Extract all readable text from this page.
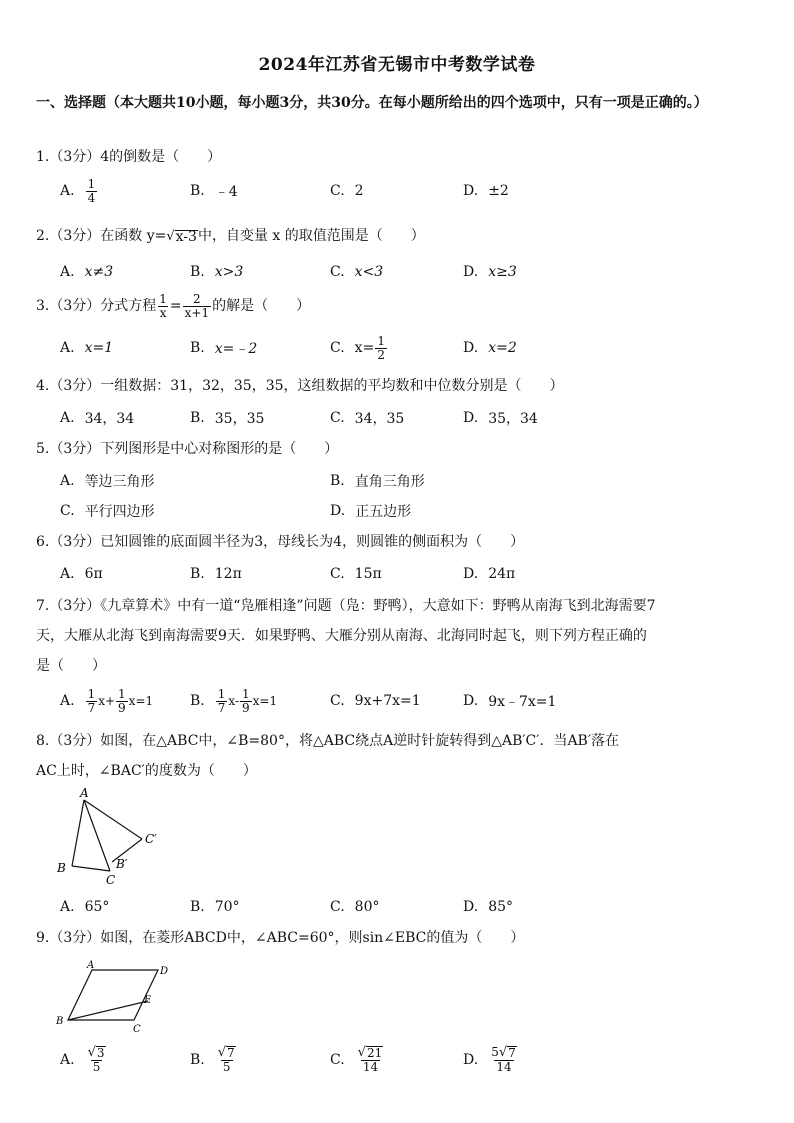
2024年江苏省无锡市中考数学试卷
一、选择题（本大题共10小题，每小题3分，共30分。在每小题所给出的四个选项中，只有一项是正确的。）
1.（3分）4的倒数是（　　）
A. $\frac{1}{4}$	B. ﹣4	C. 2	D. ±2
2.（3分）在函数 y= √ x-3 中，自变量 x 的取值范围是（　　）
A. x≠3	B. x>3	C. x<3	D. x≥3
3.（3分）分式方程 $\frac{1}{x} = \frac{2}{x+1}$ 的解是（　　）
A. x=1	B. x=﹣2	C. $x= \frac{1}{2}$	D. x=2
4.（3分）一组数据：31，32，35，35，这组数据的平均数和中位数分别是（　　）
A. 34，34	B. 35，35	C. 34，35	D. 35，34
5.（3分）下列图形是中心对称图形的是（　　）
A. 等边三角形	B. 直角三角形
C. 平行四边形	D. 正五边形
6.（3分）已知圆锥的底面圆半径为3，母线长为4，则圆锥的侧面积为（　　）
A. 6π	B. 12π	C. 15π	D. 24π
7.（3分）《九章算术》中有一道“凫雁相逢”问题（凫：野鸭），大意如下：野鸭从南海飞到北海需要7
天，大雁从北海飞到南海需要9天．如果野鸭、大雁分别从南海、北海同时起飞，则下列方程正确的
是（　　）
A. $\frac{1}{7} x+ \frac{1}{9} x=1$	B. $\frac{1}{7} x- \frac{1}{9} x=1$	C. 9x+7x=1	D. 9x﹣7x=1
8.（3分）如图，在△ABC中，∠B=80°，将△ABC绕点A逆时针旋转得到△AB′C′．当AB′落在
AC上时，∠BAC′的度数为（　　）
A
B
C
B′
C′
A. 65°	B. 70°	C. 80°	D. 85°
9.（3分）如图，在菱形ABCD中，∠ABC=60°，则sin∠EBC的值为（　　）
A
D
B
C
E
A. $\frac{√ 3}{5}$	B. $\frac{√ 7}{5}$	C. $\frac{√ 21}{14}$	D. $\frac{5 √ 7}{14}$
